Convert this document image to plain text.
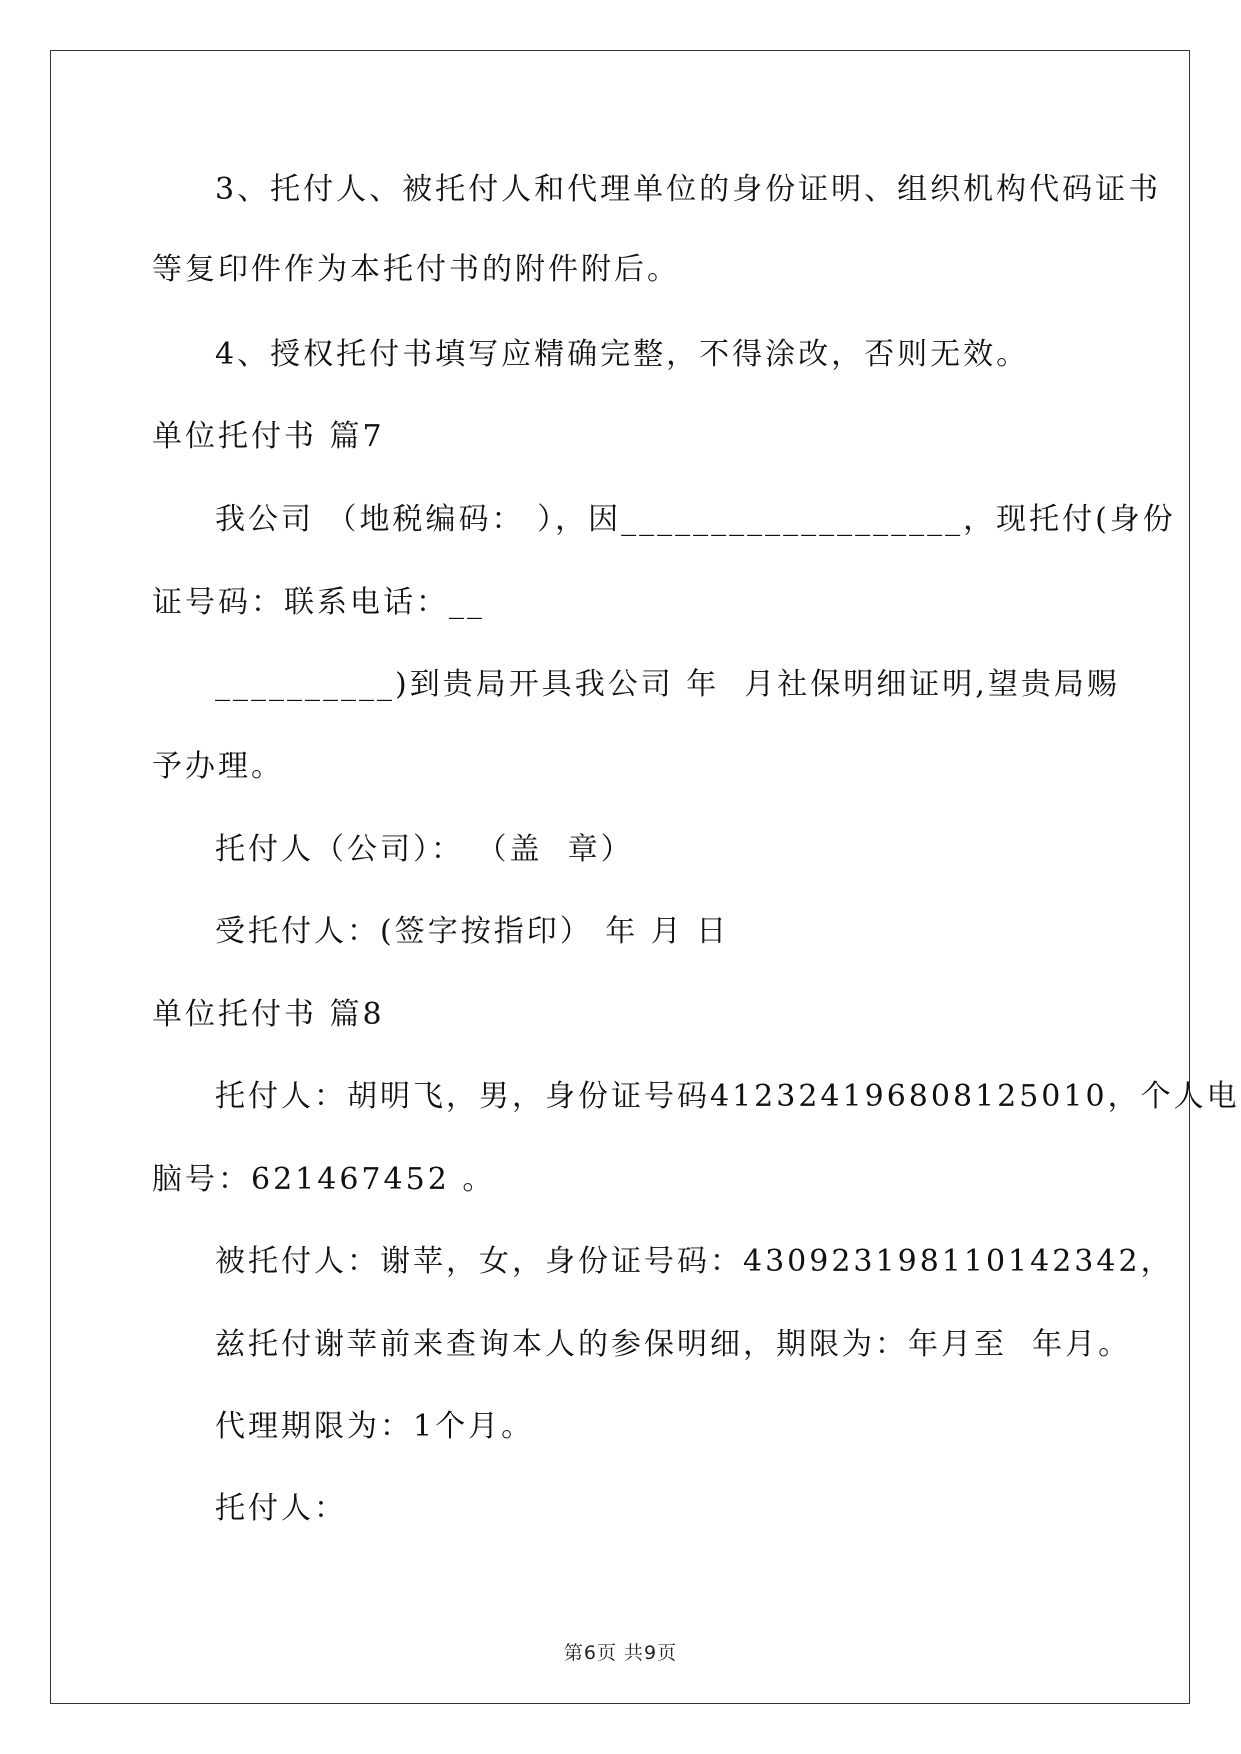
3、托付人、被托付人和代理单位的身份证明、组织机构代码证书
等复印件作为本托付书的附件附后。
4、授权托付书填写应精确完整，不得涂改，否则无效。
单位托付书 篇7
我公司 （地税编码： ），因___________________，现托付(身份
证号码：联系电话：__
__________)到贵局开具我公司 年  月社保明细证明,望贵局赐
予办理。
托付人（公司）： （盖  章）
受托付人：(签字按指印） 年 月 日
单位托付书 篇8
托付人：胡明飞，男，身份证号码412324196808125010，个人电
脑号：621467452 。
被托付人：谢苹，女，身份证号码：430923198110142342，
兹托付谢苹前来查询本人的参保明细，期限为：年月至  年月。
代理期限为：1个月。
托付人：
第6页 共9页
